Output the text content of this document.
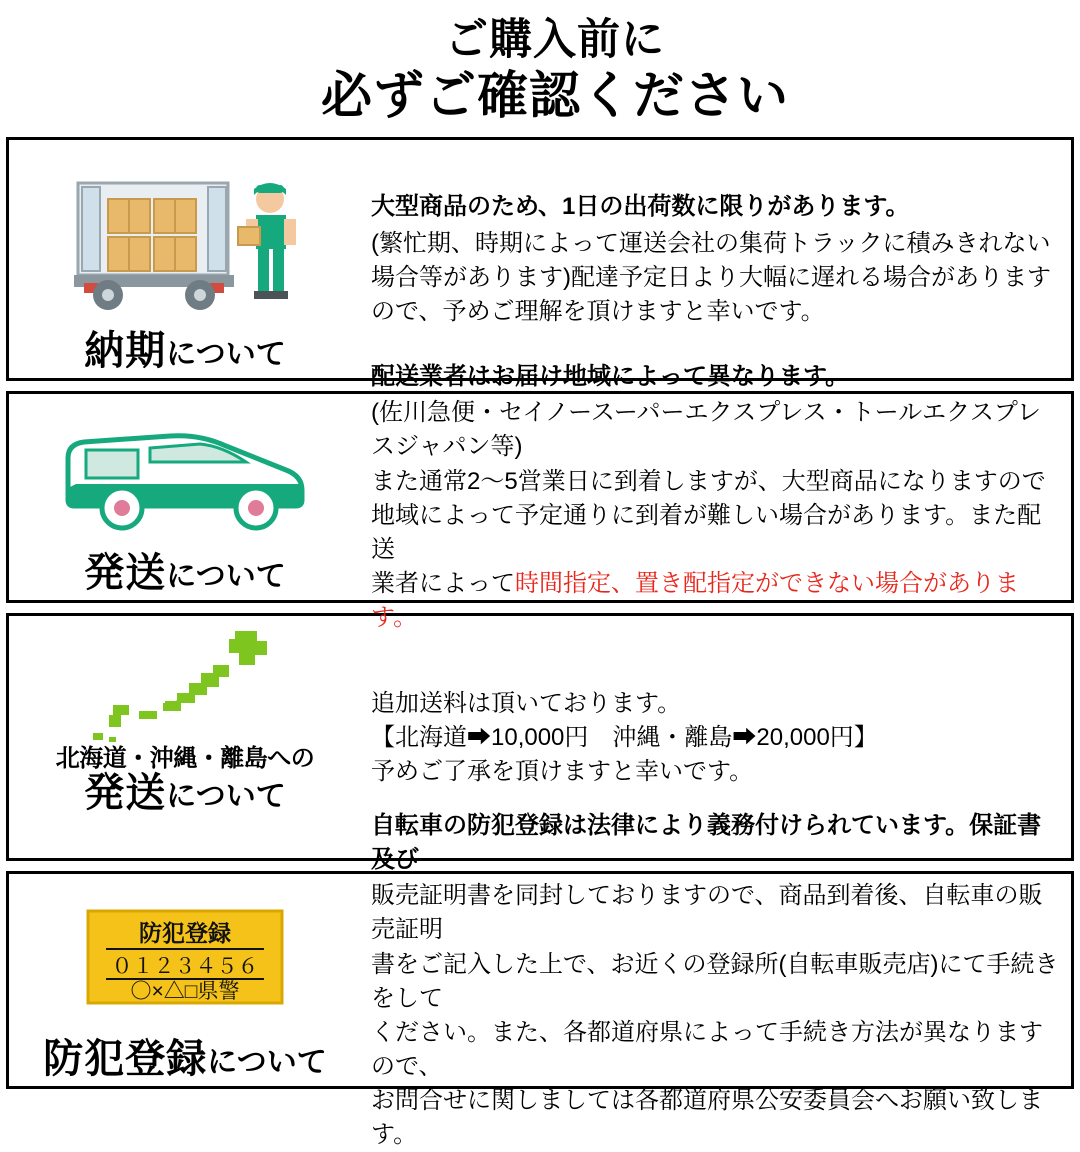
ご購入前に
必ずご確認ください
納期について
大型商品のため、1日の出荷数に限りがあります。
(繁忙期、時期によって運送会社の集荷トラックに積みきれない
場合等があります)配達予定日より大幅に遅れる場合があります
ので、予めご理解を頂けますと幸いです。
発送について
配送業者はお届け地域によって異なります。
(佐川急便・セイノースーパーエクスプレス・トールエクスプレスジャパン等)
また通常2〜5営業日に到着しますが、大型商品になりますので
地域によって予定通りに到着が難しい場合があります。また配送
業者によって時間指定、置き配指定ができない場合があります。
北海道・沖縄・離島への
発送について
追加送料は頂いております。
【北海道➡10,000円　沖縄・離島➡20,000円】
予めご了承を頂けますと幸いです。
防犯登録
０１２３４５６
〇×△□県警
防犯登録について
自転車の防犯登録は法律により義務付けられています。保証書及び
販売証明書を同封しておりますので、商品到着後、自転車の販売証明
書をご記入した上で、お近くの登録所(自転車販売店)にて手続きをして
ください。また、各都道府県によって手続き方法が異なりますので、
お問合せに関しましては各都道府県公安委員会へお願い致します。
